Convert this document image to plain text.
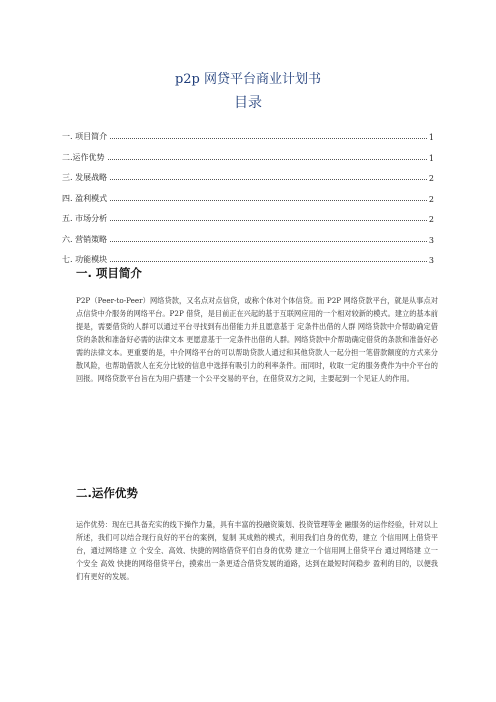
p2p 网贷平台商业计划书
目录
一. 项目简介	1
二.运作优势	1
三. 发展战略	2
四. 盈利模式	2
五. 市场分析	2
六. 营销策略	3
七. 功能模块	3
一. 项目简介
P2P（Peer-to-Peer）网络贷款，又名点对点信贷，或称个体对个体信贷。而 P2P 网络贷款平台，就是从事点对点信贷中介服务的网络平台。P2P 借贷，是目前正在兴起的基于互联网应用的一个相对较新的模式。建立的基本前提是，需要借贷的人群可以通过平台寻找到有出借能力并且愿意基于 定条件出借的人群 网络贷款中介帮助确定借贷的条款和准备好必需的法律文本 更愿意基于一定条件出借的人群。网络贷款中介帮助确定借贷的条款和准备好必需的法律文本。更重要的是，中介网络平台的可以帮助贷款人通过和其他贷款人一起分担一笔借款额度的方式来分散风险，也帮助借款人在充分比较的信息中选择有吸引力的利率条件。而同时，收取一定的服务费作为中介平台的回报。网络贷款平台旨在为用户搭建一个公平交易的平台，在借贷双方之间，主要起到一个见证人的作用。
二.运作优势
运作优势：现在已具备充实的线下操作力量，具有丰富的投融资策划、投资管理等金 融服务的运作经验，针对以上所述，我们可以结合现行良好的平台的案例，复制 其成熟的模式，利用我们自身的优势，建立 个信用网上借贷平台，通过网络建 立 个安全、高效、快捷的网络借贷平们自身的优势 建立一个信用网上借贷平台 通过网络建 立一个安全 高效 快捷的网络借贷平台，摸索出一条更适合借贷发展的道路，达到在最短时间稳步 盈利的目的，以便我们有更好的发展。
